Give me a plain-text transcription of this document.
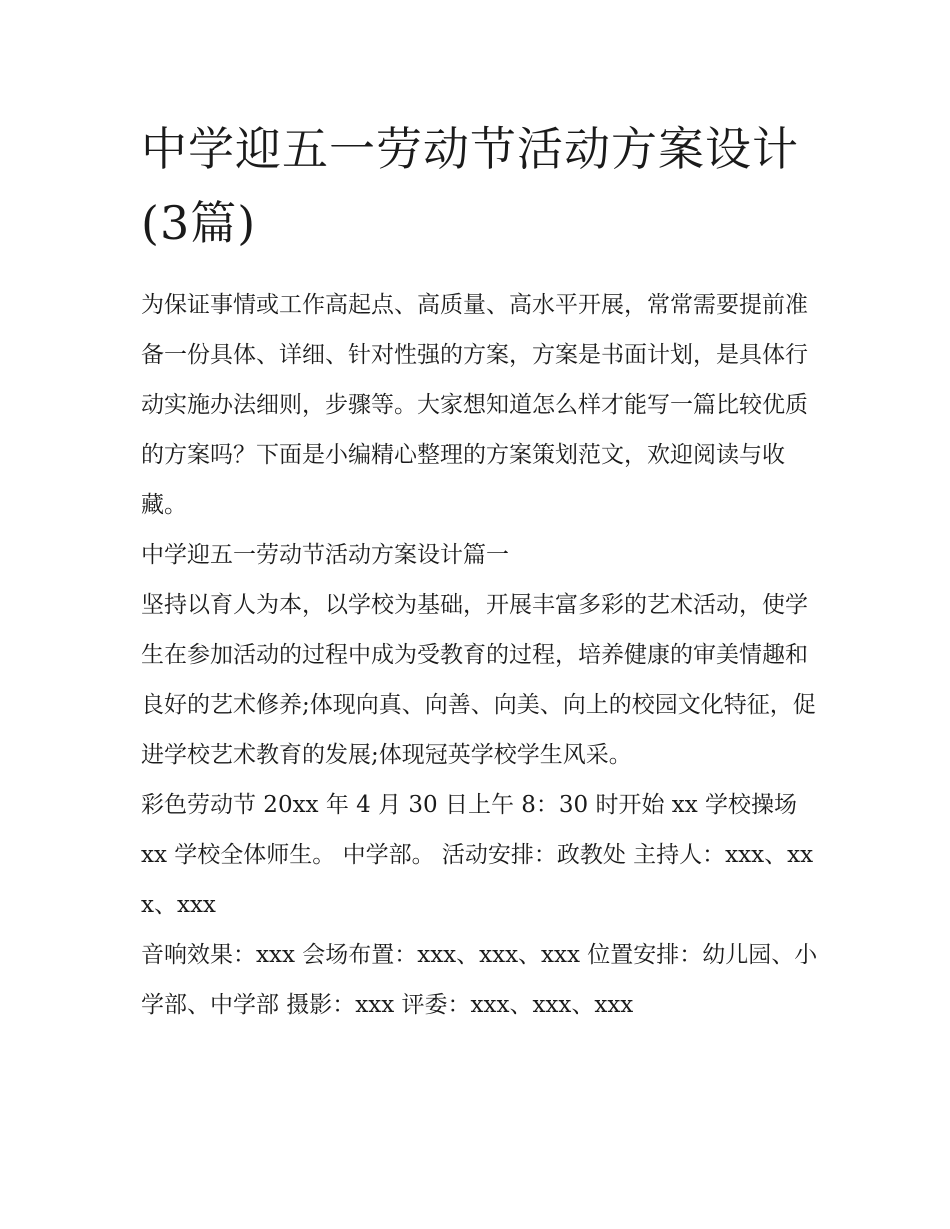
中学迎五一劳动节活动方案设计(3篇)

为保证事情或工作高起点、高质量、高水平开展，常常需要提前准备一份具体、详细、针对性强的方案，方案是书面计划，是具体行动实施办法细则，步骤等。大家想知道怎么样才能写一篇比较优质的方案吗？下面是小编精心整理的方案策划范文，欢迎阅读与收藏。

中学迎五一劳动节活动方案设计篇一

坚持以育人为本，以学校为基础，开展丰富多彩的艺术活动，使学生在参加活动的过程中成为受教育的过程，培养健康的审美情趣和良好的艺术修养;体现向真、向善、向美、向上的校园文化特征，促进学校艺术教育的发展;体现冠英学校学生风采。

彩色劳动节 20xx 年 4 月 30 日上午 8：30 时开始 xx 学校操场

xx 学校全体师生。 中学部。 活动安排：政教处 主持人：xxx、xxx、xxx

音响效果：xxx 会场布置：xxx、xxx、xxx 位置安排：幼儿园、小学部、中学部 摄影：xxx 评委：xxx、xxx、xxx
